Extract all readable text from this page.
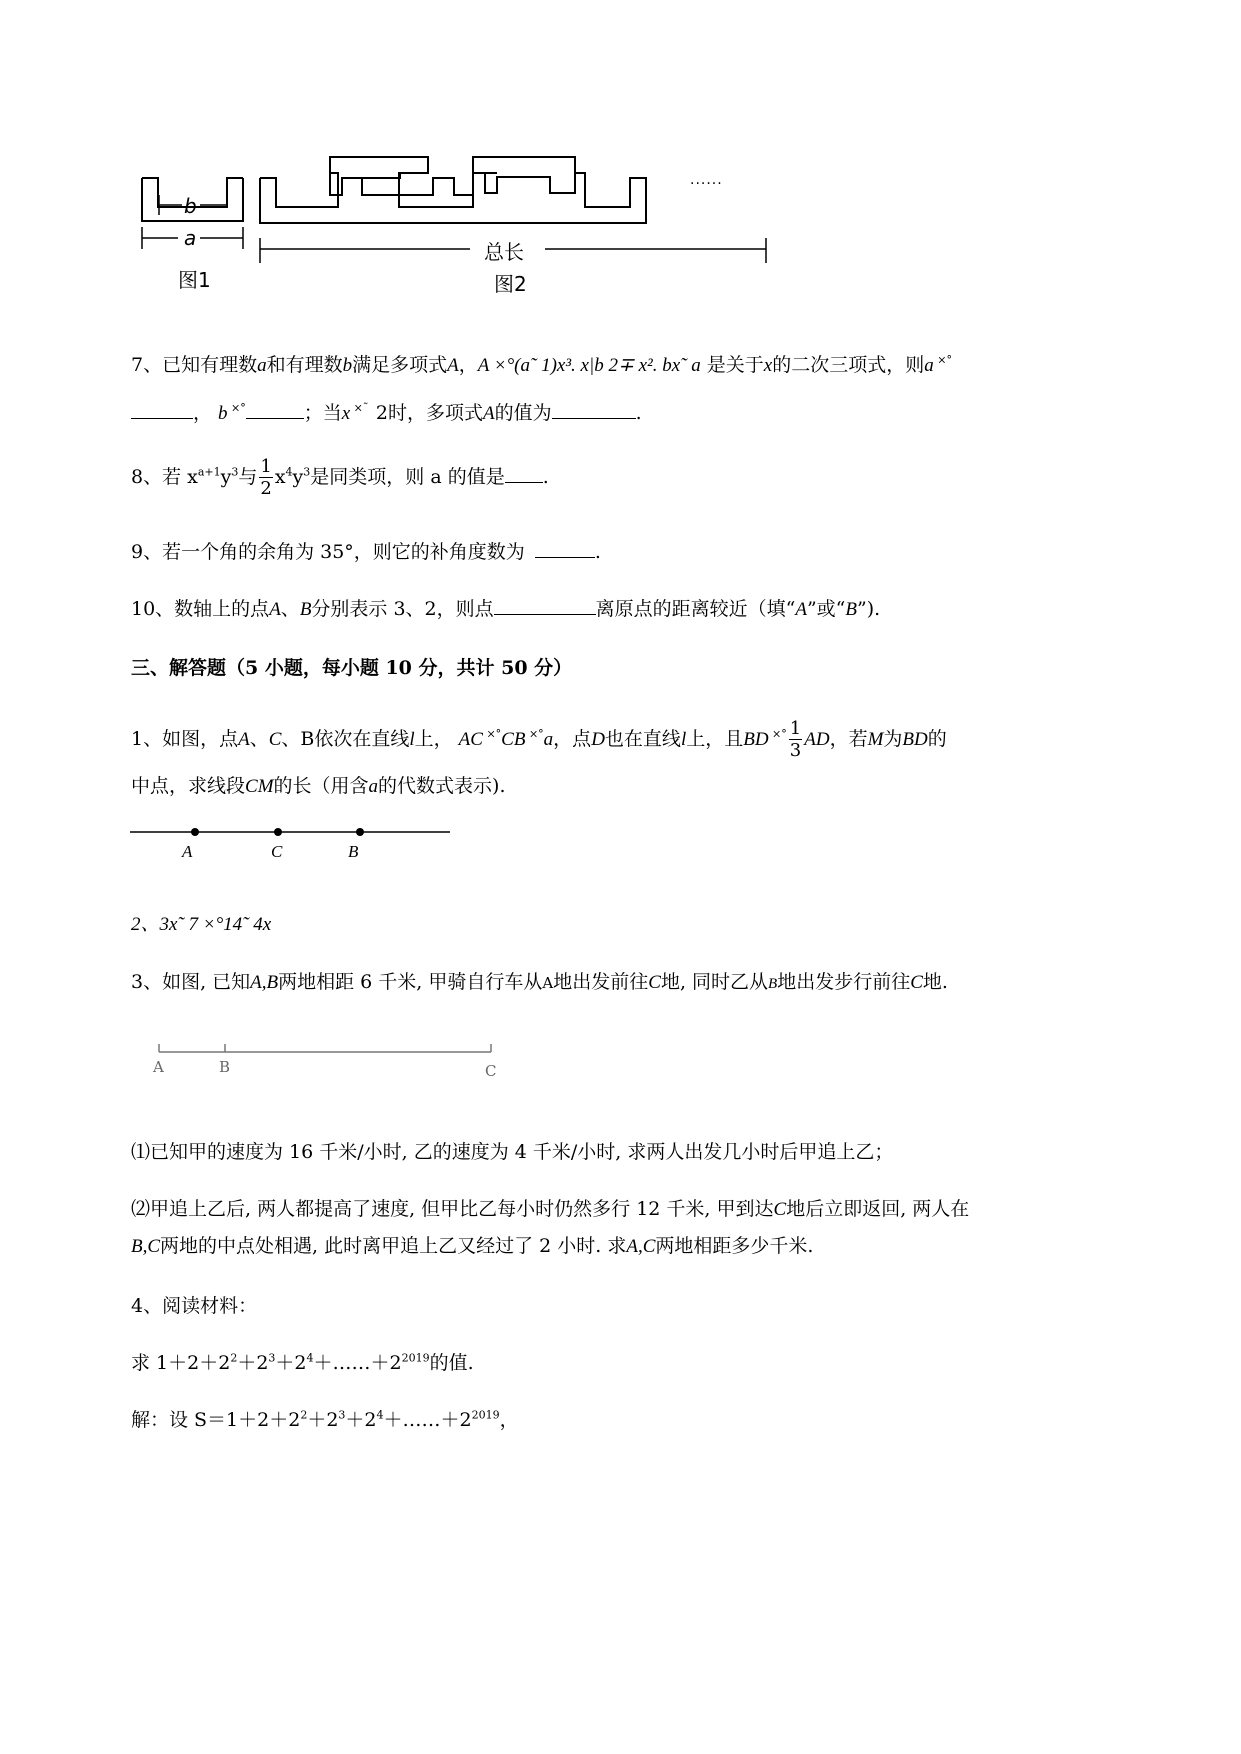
b
a
总长
......
图1	图2
7、已知有理数a和有理数b满足多项式A，A ×°(a˜ 1)x³. x|b 2∓ x². bx˜ a 是关于x的二次三项式，则a ×°
， b ×°	；当x ×˜ 2时，多项式A的值为	.
8、若 $x^{a+1}y^3$与 $\frac{1}{2} x^4y^3$是同类项，则 a 的值是 .
9、若一个角的余角为 35°，则它的补角度数为	.
10、数轴上的点A、B分别表示 3、2，则点	离原点的距离较近（填“A”或“B”).
三、解答题（5 小题，每小题 10 分，共计 50 分）
1、如图，点A、C、B依次在直线l上， AC ×°CB ×°a，点D也在直线l上，且BD $^{\times^\circ} \frac{1}{3}$ AD，若M为BD的
中点，求线段CM的长（用含a的代数式表示).
A	C	B
2、3x˜ 7 ×°14˜ 4x
3、如图, 已知A,B两地相距 6 千米, 甲骑自行车从A地出发前往C地, 同时乙从B地出发步行前往C地.
A	B	C
⑴已知甲的速度为 16 千米/小时, 乙的速度为 4 千米/小时, 求两人出发几小时后甲追上乙；
⑵甲追上乙后, 两人都提高了速度, 但甲比乙每小时仍然多行 12 千米, 甲到达C地后立即返回, 两人在
B,C两地的中点处相遇, 此时离甲追上乙又经过了 2 小时. 求A,C两地相距多少千米.
4、阅读材料：
求 $1+2+2^2+2^3+2^4+\dots\dots+2^{2019}$的值.
解：设 $S=1+2+2^2+2^3+2^4+\dots\dots+2^{2019}$，
